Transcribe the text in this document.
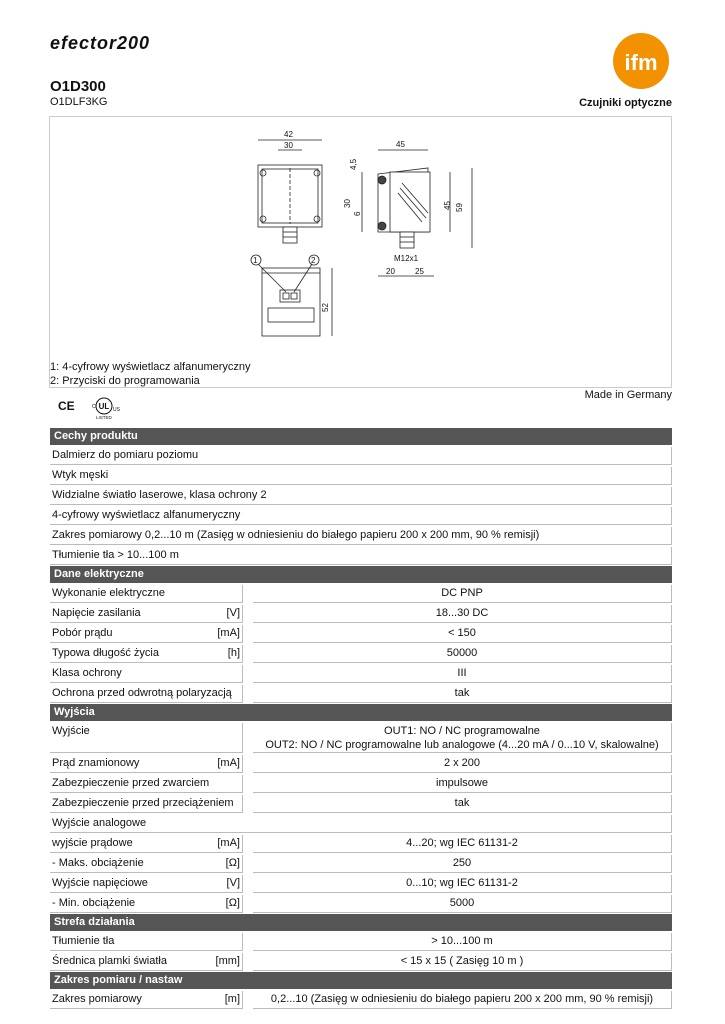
efector200
ifm
O1D300
O1DLF3KG	Czujniki optyczne
42
30	45
4,5
30
6
45 59
M12x1
20	25
52
1	2
1: 4-cyfrowy wyświetlacz alfanumeryczny
2: Przyciski do programowania
Made in Germany
CE	UL
C	US
LISTED
Cechy produktu
Dalmierz do pomiaru poziomu
Wtyk męski
Widzialne światło laserowe, klasa ochrony 2
4-cyfrowy wyświetlacz alfanumeryczny
Zakres pomiarowy 0,2...10 m (Zasięg w odniesieniu do białego papieru 200 x 200 mm, 90 % remisji)
Tłumienie tła > 10...100 m
Dane elektryczne
Wykonanie elektryczne	DC PNP
Napięcie zasilania	[V]	18...30 DC
Pobór prądu	[mA]	< 150
Typowa długość życia	[h]	50000
Klasa ochrony	III
Ochrona przed odwrotną polaryzacją	tak
Wyjścia
Wyjście	OUT1: NO / NC programowalne
OUT2: NO / NC programowalne lub analogowe (4...20 mA / 0...10 V, skalowalne)
Prąd znamionowy	[mA]	2 x 200
Zabezpieczenie przed zwarciem	impulsowe
Zabezpieczenie przed przeciążeniem	tak
Wyjście analogowe
wyjście prądowe	[mA]	4...20; wg IEC 61131-2
- Maks. obciążenie	[Ω]	250
Wyjście napięciowe	[V]	0...10; wg IEC 61131-2
- Min. obciążenie	[Ω]	5000
Strefa działania
Tłumienie tła	> 10...100 m
Średnica plamki światła	[mm]	< 15 x 15 ( Zasięg 10 m )
Zakres pomiaru / nastaw
Zakres pomiarowy	[m]	0,2...10 (Zasięg w odniesieniu do białego papieru 200 x 200 mm, 90 % remisji)
